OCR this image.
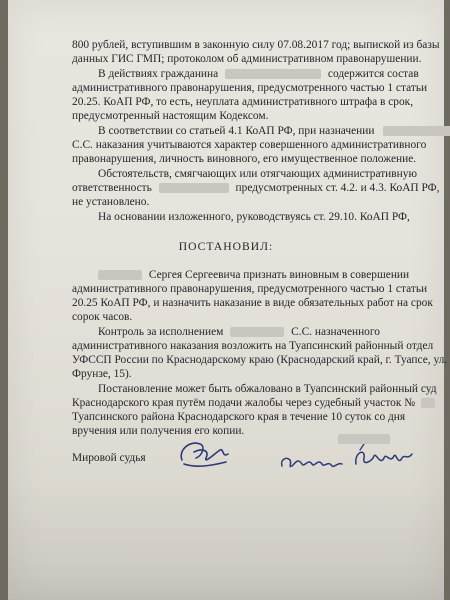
800 рублей, вступившим в законную силу 07.08.2017 год; выпиской из базы
данных ГИС ГМП; протоколом об административном правонарушении.
В действиях гражданина	содержится состав
административного правонарушения, предусмотренного частью 1 статьи
20.25. КоАП РФ, то есть, неуплата административного штрафа в срок,
предусмотренный настоящим Кодексом.
В соответствии со статьей 4.1 КоАП РФ, при назначении
С.С. наказания учитываются характер совершенного административного
правонарушения, личность виновного, его имущественное положение.
Обстоятельств, смягчающих или отягчающих административную
ответственность	предусмотренных ст. 4.2. и 4.3. КоАП РФ,
не установлено.
На основании изложенного, руководствуясь ст. 29.10. КоАП РФ,
ПОСТАНОВИЛ:
Сергея Сергеевича признать виновным в совершении
административного правонарушения, предусмотренного частью 1 статьи
20.25 КоАП РФ, и назначить наказание в виде обязательных работ на срок
сорок часов.
Контроль за исполнением	С.С. назначенного
административного наказания возложить на Туапсинский районный отдел
УФССП России по Краснодарскому краю (Краснодарский край, г. Туапсе, ул.
Фрунзе, 15).
Постановление может быть обжаловано в Туапсинский районный суд
Краснодарского края путём подачи жалобы через судебный участок №
Туапсинского района Краснодарского края в течение 10 суток со дня
вручения или получения его копии.
Мировой судья
